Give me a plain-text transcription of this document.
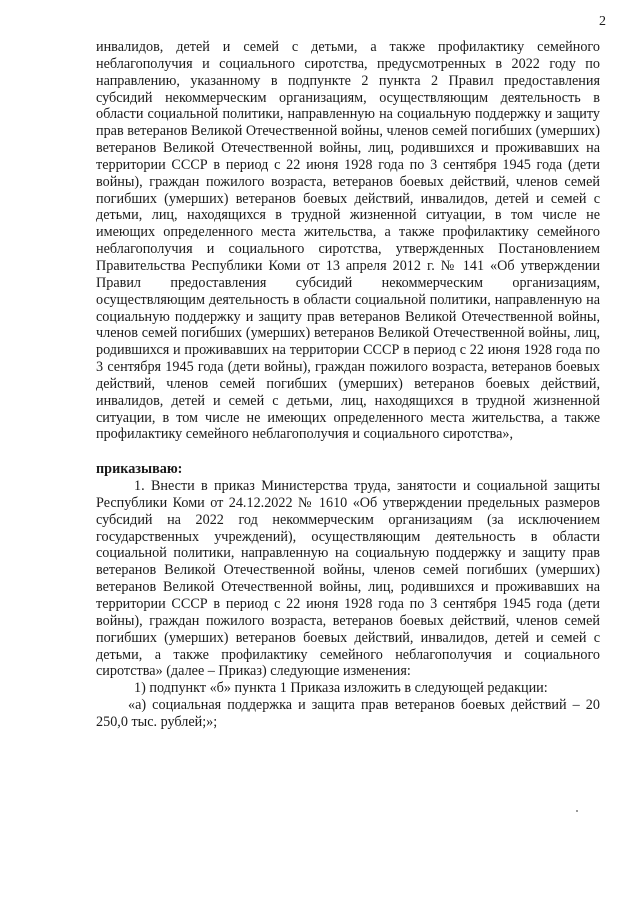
2

инвалидов, детей и семей с детьми, а также профилактику семейного неблагополучия и социального сиротства, предусмотренных в 2022 году по направлению, указанному в подпункте 2 пункта 2 Правил предоставления субсидий некоммерческим организациям, осуществляющим деятельность в области социальной политики, направленную на социальную поддержку и защиту прав ветеранов Великой Отечественной войны, членов семей погибших (умерших) ветеранов Великой Отечественной войны, лиц, родившихся и проживавших на территории СССР в период с 22 июня 1928 года по 3 сентября 1945 года (дети войны), граждан пожилого возраста, ветеранов боевых действий, членов семей погибших (умерших) ветеранов боевых действий, инвалидов, детей и семей с детьми, лиц, находящихся в трудной жизненной ситуации, в том числе не имеющих определенного места жительства, а также профилактику семейного неблагополучия и социального сиротства, утвержденных Постановлением Правительства Республики Коми от 13 апреля 2012 г. № 141 «Об утверждении Правил предоставления субсидий некоммерческим организациям, осуществляющим деятельность в области социальной политики, направленную на социальную поддержку и защиту прав ветеранов Великой Отечественной войны, членов семей погибших (умерших) ветеранов Великой Отечественной войны, лиц, родившихся и проживавших на территории СССР в период с 22 июня 1928 года по 3 сентября 1945 года (дети войны), граждан пожилого возраста, ветеранов боевых действий, членов семей погибших (умерших) ветеранов боевых действий, инвалидов, детей и семей с детьми, лиц, находящихся в трудной жизненной ситуации, в том числе не имеющих определенного места жительства, а также профилактику семейного неблагополучия и социального сиротства»,

приказываю:

1. Внести в приказ Министерства труда, занятости и социальной защиты Республики Коми от 24.12.2022 № 1610 «Об утверждении предельных размеров субсидий на 2022 год некоммерческим организациям (за исключением государственных учреждений), осуществляющим деятельность в области социальной политики, направленную на социальную поддержку и защиту прав ветеранов Великой Отечественной войны, членов семей погибших (умерших) ветеранов Великой Отечественной войны, лиц, родившихся и проживавших на территории СССР в период с 22 июня 1928 года по 3 сентября 1945 года (дети войны), граждан пожилого возраста, ветеранов боевых действий, членов семей погибших (умерших) ветеранов боевых действий, инвалидов, детей и семей с детьми, а также профилактику семейного неблагополучия и социального сиротства» (далее – Приказ) следующие изменения:

1) подпункт «б» пункта 1 Приказа изложить в следующей редакции:

«а) социальная поддержка и защита прав ветеранов боевых действий – 20 250,0 тыс. рублей;»;
